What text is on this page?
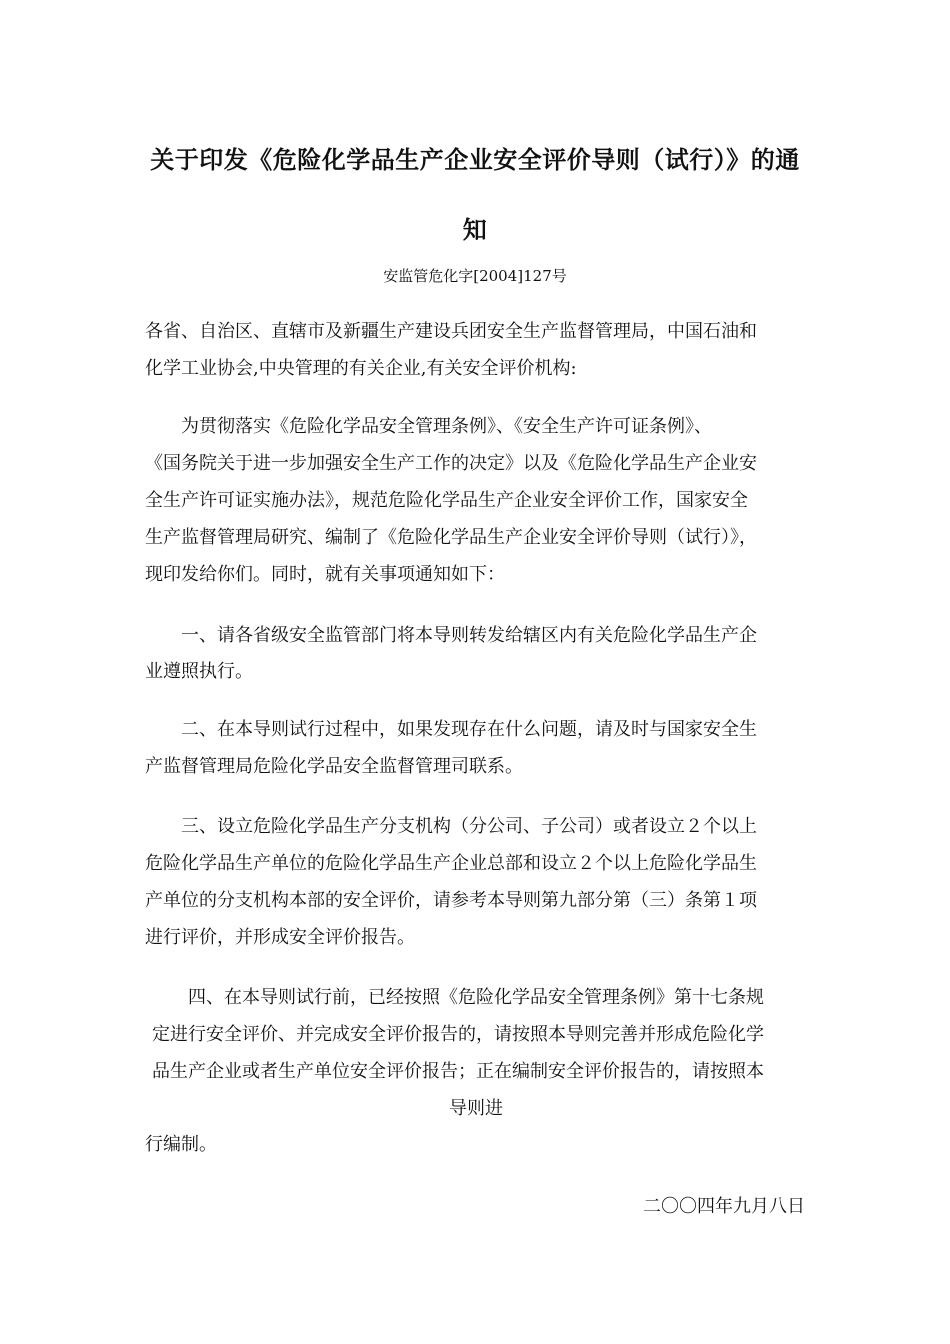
关于印发《危险化学品生产企业安全评价导则（试行）》的通
知
安监管危化字[2004]127号
各省、自治区、直辖市及新疆生产建设兵团安全生产监督管理局，中国石油和
化学工业协会,中央管理的有关企业,有关安全评价机构:
为贯彻落实《危险化学品安全管理条例》、《安全生产许可证条例》、
《国务院关于进一步加强安全生产工作的决定》以及《危险化学品生产企业安
全生产许可证实施办法》，规范危险化学品生产企业安全评价工作，国家安全
生产监督管理局研究、编制了《危险化学品生产企业安全评价导则（试行）》，
现印发给你们。同时，就有关事项通知如下：
一、请各省级安全监管部门将本导则转发给辖区内有关危险化学品生产企
业遵照执行。
二、在本导则试行过程中，如果发现存在什么问题，请及时与国家安全生
产监督管理局危险化学品安全监督管理司联系。
三、设立危险化学品生产分支机构（分公司、子公司）或者设立２个以上
危险化学品生产单位的危险化学品生产企业总部和设立２个以上危险化学品生
产单位的分支机构本部的安全评价，请参考本导则第九部分第（三）条第１项
进行评价，并形成安全评价报告。
四、在本导则试行前，已经按照《危险化学品安全管理条例》第十七条规
定进行安全评价、并完成安全评价报告的，请按照本导则完善并形成危险化学
品生产企业或者生产单位安全评价报告；正在编制安全评价报告的，请按照本
导则进
行编制。
二〇〇四年九月八日
